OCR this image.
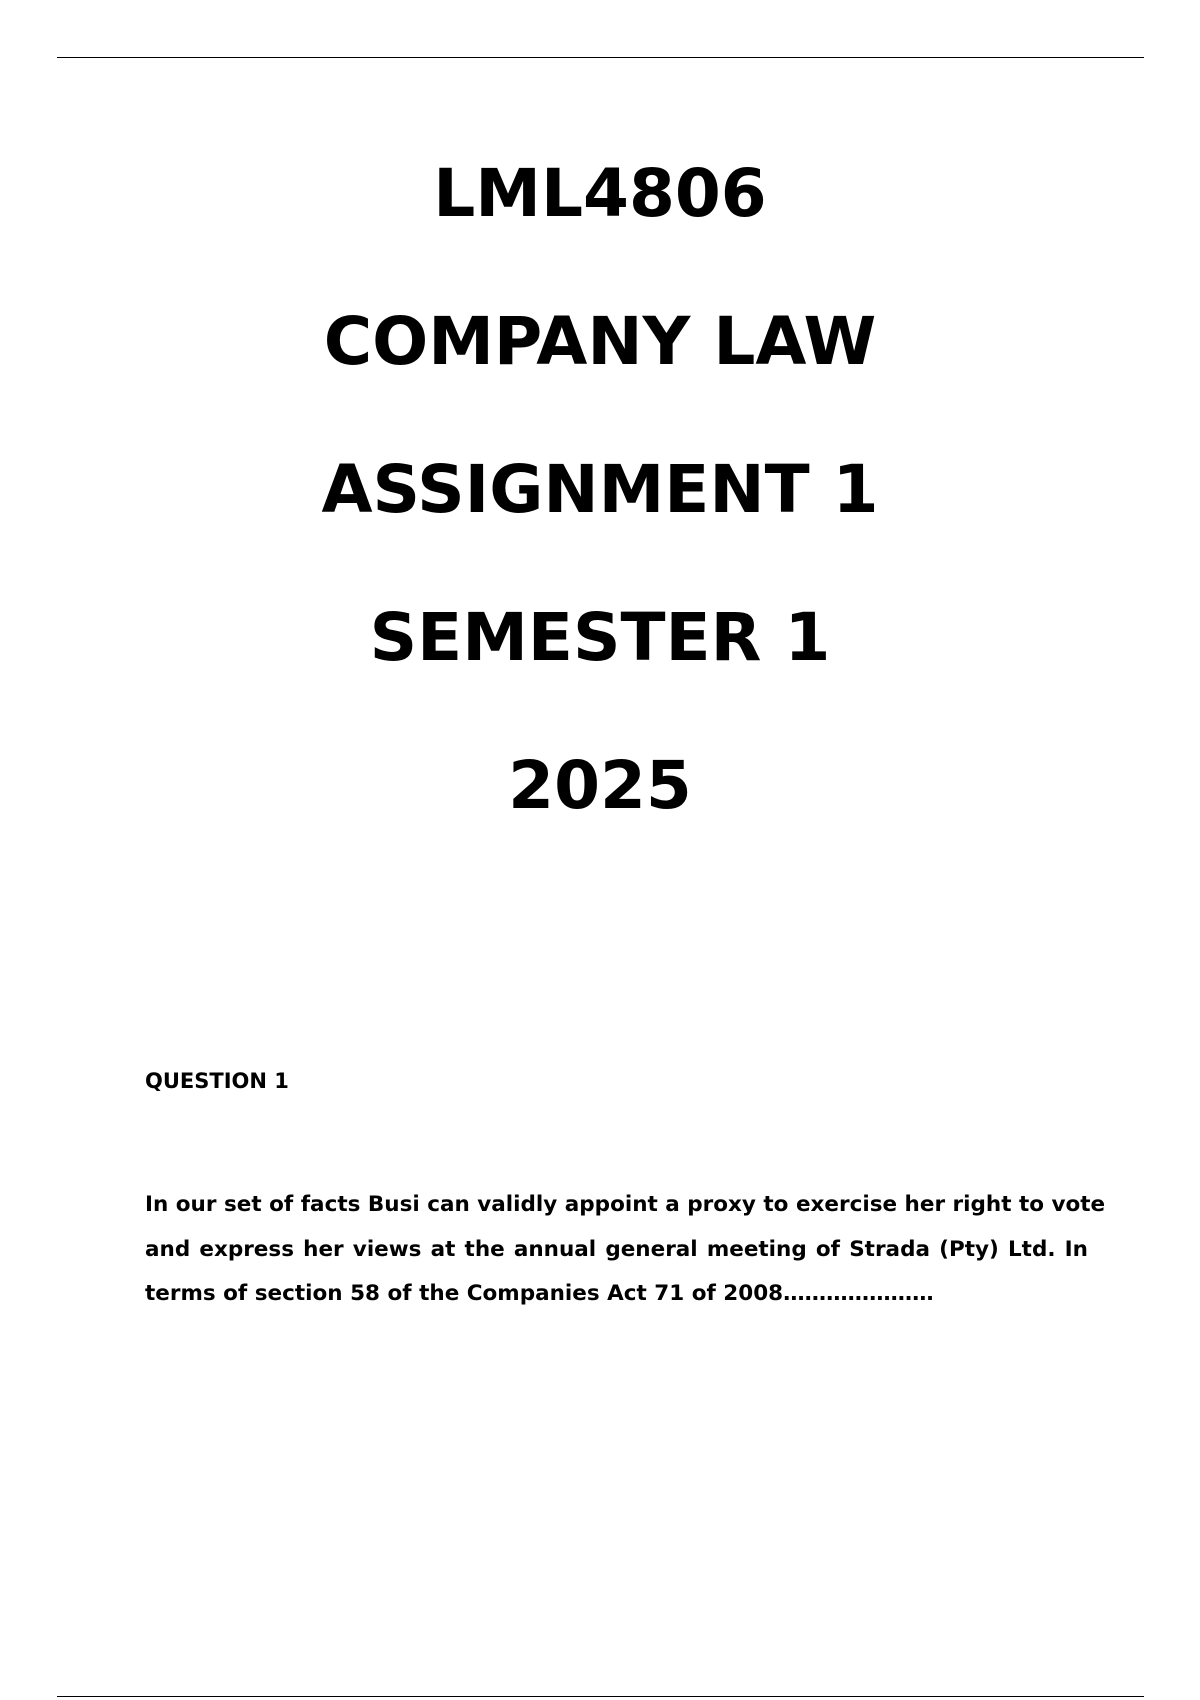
LML4806
COMPANY LAW
ASSIGNMENT 1
SEMESTER 1
2025
QUESTION 1
In our set of facts Busi can validly appoint a proxy to exercise her right to vote
and express her views at the annual general meeting of Strada (Pty) Ltd. In
terms of section 58 of the Companies Act 71 of 2008…………………
